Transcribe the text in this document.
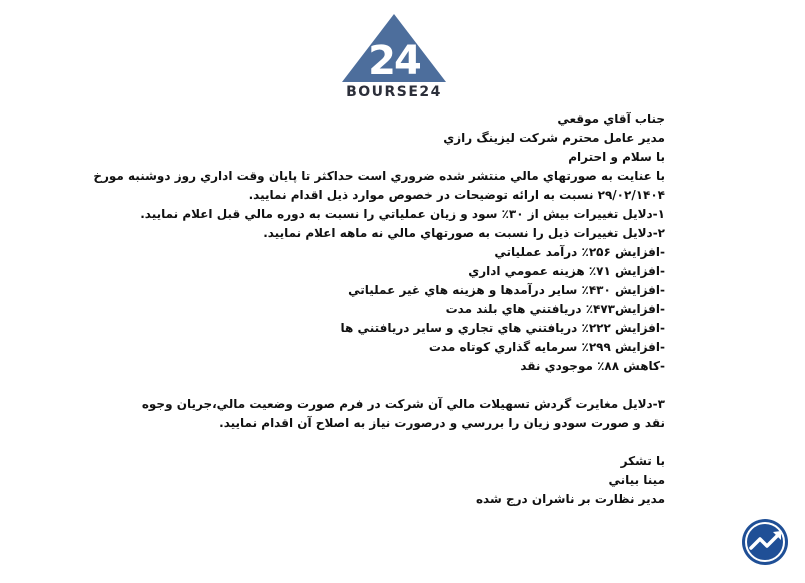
24
BOURSE24
جناب آقاي موقعي
مدير عامل محترم شرکت ليزينگ رازي
با سلام و احترام
با عنايت به صورتهاي مالي منتشر شده ضروري است حداکثر تا پايان وقت اداري روز دوشنبه مورخ
۲۹/۰۲/۱۴۰۴ نسبت به ارائه توضيحات در خصوص موارد ذيل اقدام نماييد.
۱-دلايل تغييرات بيش از ۳۰٪ سود و زيان عملياتي را نسبت به دوره مالي قبل اعلام نماييد.
۲-دلايل تغييرات ذيل را نسبت به صورتهاي مالي نه ماهه اعلام نماييد.
-افزايش ۲۵۶٪ درآمد عملياتي
-افزايش ۷۱٪ هزينه عمومي اداري
-افزايش ۴۳۰٪ ساير درآمدها و هزينه هاي غير عملياتي
-افزايش۴۷۳٪ دريافتني هاي بلند مدت
-افزايش ۲۲۲٪ دريافتني هاي تجاري و ساير دريافتني ها
-افزايش ۲۹۹٪ سرمايه گذاري کوتاه مدت
-کاهش ۸۸٪ موجودي نقد
۳-دلايل مغايرت گردش تسهيلات مالي آن شرکت در فرم صورت وضعيت مالي،جريان وجوه نقد و صورت سودو زيان را بررسي و درصورت نياز به اصلاح آن اقدام نماييد.
با تشکر
مينا بياني
مدير نظارت بر ناشران درج شده
